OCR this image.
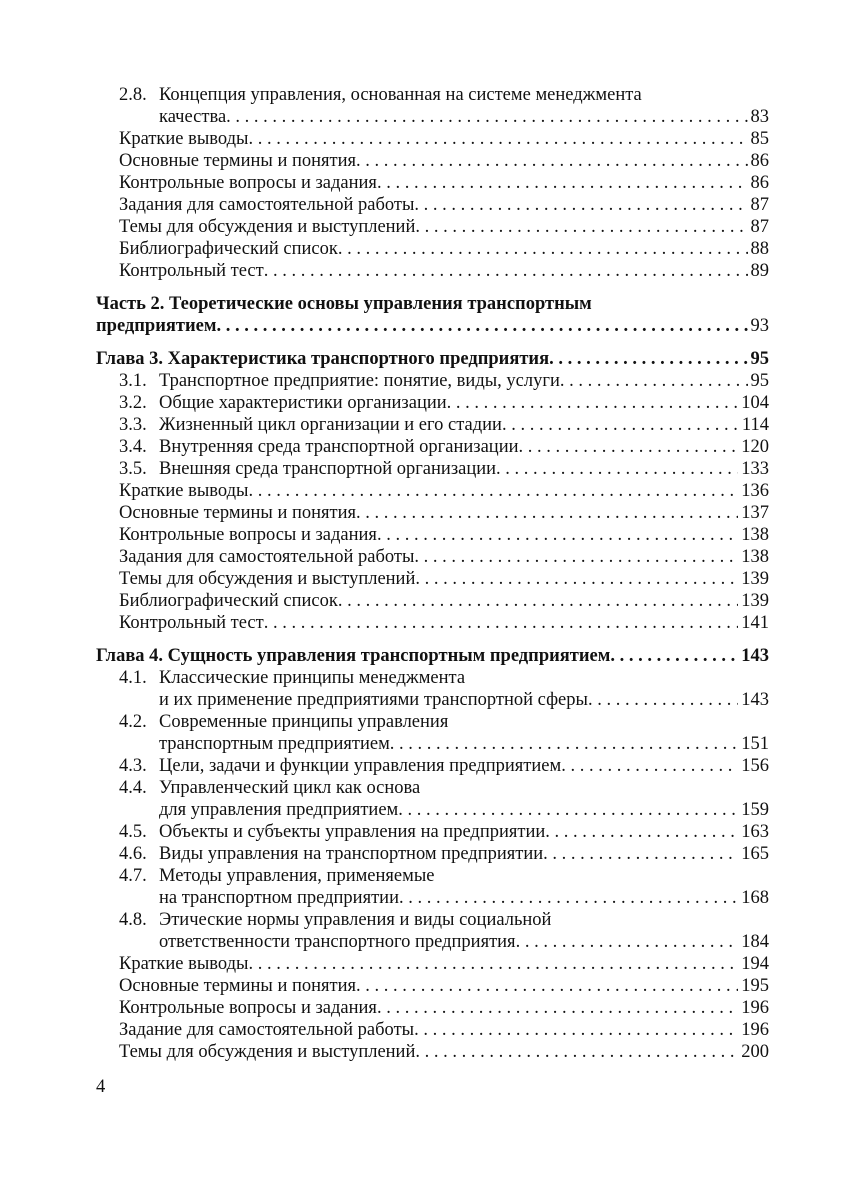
2.8. Концепция управления, основанная на системе менеджмента
качества . . .	83
Краткие выводы . . .	85
Основные термины и понятия . . .	86
Контрольные вопросы и задания . . .	86
Задания для самостоятельной работы . . .	87
Темы для обсуждения и выступлений . . .	87
Библиографический список . . .	88
Контрольный тест . . .	89
Часть 2. Теоретические основы управления транспортным
предприятием . . .	93
Глава 3. Характеристика транспортного предприятия . . .	95
3.1. Транспортное предприятие: понятие, виды, услуги . . .	95
3.2. Общие характеристики организации . . .	104
3.3. Жизненный цикл организации и его стадии . . .	114
3.4. Внутренняя среда транспортной организации . . .	120
3.5. Внешняя среда транспортной организации . . .	133
Краткие выводы . . .	136
Основные термины и понятия . . .	137
Контрольные вопросы и задания . . .	138
Задания для самостоятельной работы . . .	138
Темы для обсуждения и выступлений . . .	139
Библиографический список . . .	139
Контрольный тест . . .	141
Глава 4. Сущность управления транспортным предприятием . . .	143
4.1. Классические принципы менеджмента
и их применение предприятиями транспортной сферы . . .	143
4.2. Современные принципы управления
транспортным предприятием . . .	151
4.3. Цели, задачи и функции управления предприятием . . .	156
4.4. Управленческий цикл как основа
для управления предприятием . . .	159
4.5. Объекты и субъекты управления на предприятии . . .	163
4.6. Виды управления на транспортном предприятии . . .	165
4.7. Методы управления, применяемые
на транспортном предприятии . . .	168
4.8. Этические нормы управления и виды социальной
ответственности транспортного предприятия . . .	184
Краткие выводы . . .	194
Основные термины и понятия . . .	195
Контрольные вопросы и задания . . .	196
Задание для самостоятельной работы . . .	196
Темы для обсуждения и выступлений . . .	200
4
